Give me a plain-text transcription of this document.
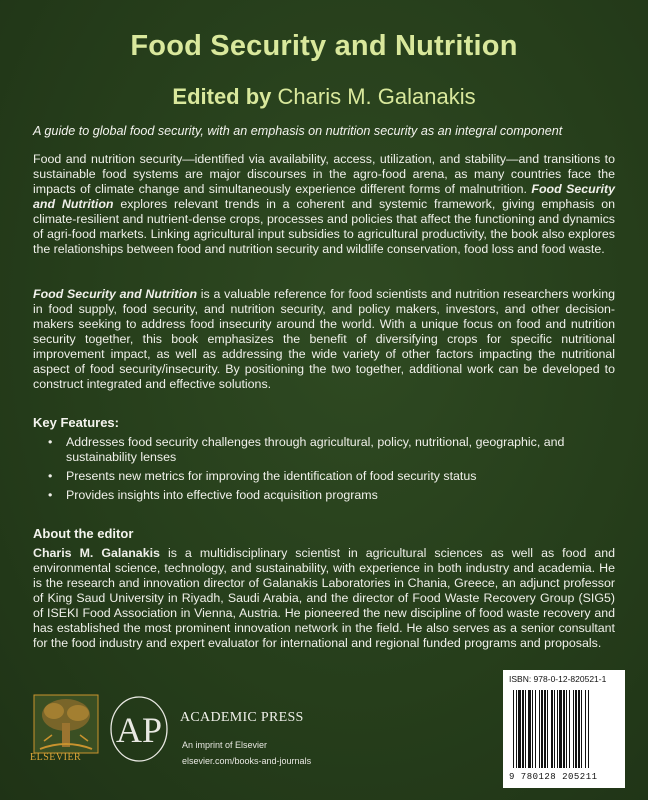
Food Security and Nutrition
Edited by Charis M. Galanakis
A guide to global food security, with an emphasis on nutrition security as an integral component
Food and nutrition security—identified via availability, access, utilization, and stability—and transitions to sustainable food systems are major discourses in the agro-food arena, as many countries face the impacts of climate change and simultaneously experience different forms of malnutrition. Food Security and Nutrition explores relevant trends in a coherent and systemic framework, giving emphasis on climate-resilient and nutrient-dense crops, processes and policies that affect the functioning and dynamics of agri-food markets. Linking agricultural input subsidies to agricultural productivity, the book also explores the relationships between food and nutrition security and wildlife conservation, food loss and food waste.
Food Security and Nutrition is a valuable reference for food scientists and nutrition researchers working in food supply, food security, and nutrition security, and policy makers, investors, and other decision-makers seeking to address food insecurity around the world. With a unique focus on food and nutrition security together, this book emphasizes the benefit of diversifying crops for specific nutritional improvement impact, as well as addressing the wide variety of other factors impacting the nutritional aspect of food security/insecurity. By positioning the two together, additional work can be developed to construct integrated and effective solutions.
Key Features:
• Addresses food security challenges through agricultural, policy, nutritional, geographic, and sustainability lenses
• Presents new metrics for improving the identification of food security status
• Provides insights into effective food acquisition programs
About the editor
Charis M. Galanakis is a multidisciplinary scientist in agricultural sciences as well as food and environmental science, technology, and sustainability, with experience in both industry and academia. He is the research and innovation director of Galanakis Laboratories in Chania, Greece, an adjunct professor of King Saud University in Riyadh, Saudi Arabia, and the director of Food Waste Recovery Group (SIG5) of ISEKI Food Association in Vienna, Austria. He pioneered the new discipline of food waste recovery and has established the most prominent innovation network in the field. He also serves as a senior consultant for the food industry and expert evaluator for international and regional funded programs and proposals.
ELSEVIER
AP ACADEMIC PRESS
An imprint of Elsevier
elsevier.com/books-and-journals
ISBN: 978-0-12-820521-1
9 780128 205211
